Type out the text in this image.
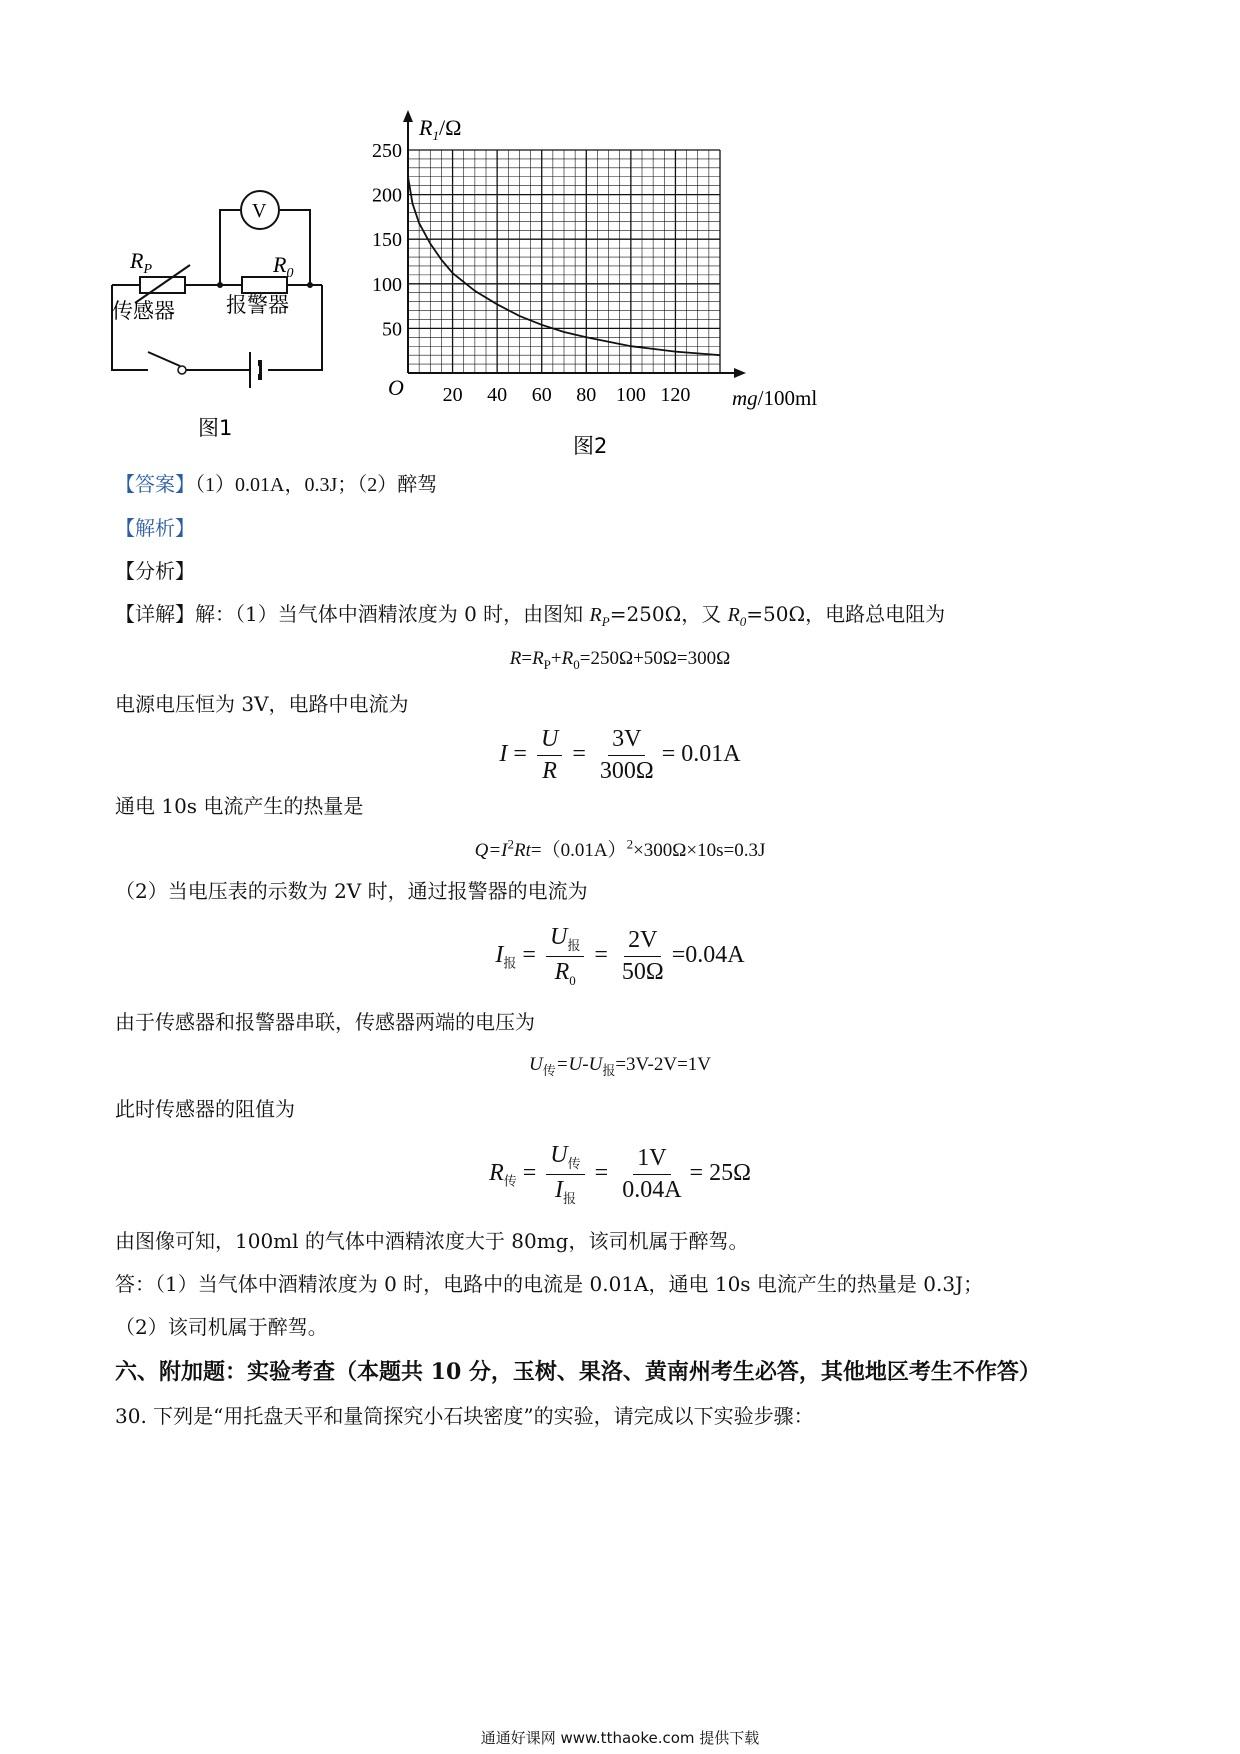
$R_P$	$R_0$
V
传感器 报警器
图1
20 40 60 80 100 120
50
100
150
200
250
$R_1/\Omega$
O	mg/100ml
图2
【答案】（1）0.01A，0.3J；（2）醉驾
【解析】
【分析】
【详解】解：（1）当气体中酒精浓度为 0 时，由图知 $R_P=250\Omega$，又 $R_0=50\Omega$，电路总电阻为
$R=R_P+R_0=250\Omega+50\Omega=300\Omega$
电源电压恒为 3V，电路中电流为
$I = \frac{U}{R} = \frac{3V}{300\Omega} = 0.01A$
通电 10s 电流产生的热量是
$Q=I^2Rt=(0.01A)^2\times 300\Omega\times 10s=0.3J$
（2）当电压表的示数为 2V 时，通过报警器的电流为
$I_报 = \frac{U_报}{R_0} = \frac{2V}{50\Omega} =0.04A$
由于传感器和报警器串联，传感器两端的电压为
$U_传=U-U_报=3V-2V=1V$
此时传感器的阻值为
$R_传 = \frac{U_传}{I_报} = \frac{1V}{0.04A} = 25\Omega$
由图像可知，100ml 的气体中酒精浓度大于 80mg，该司机属于醉驾。
答：（1）当气体中酒精浓度为 0 时，电路中的电流是 0.01A，通电 10s 电流产生的热量是 0.3J；
（2）该司机属于醉驾。
六、附加题：实验考查（本题共 10 分，玉树、果洛、黄南州考生必答，其他地区考生不作答）
30. 下列是“用托盘天平和量筒探究小石块密度”的实验，请完成以下实验步骤：
通通好课网 www.tthaoke.com 提供下载
